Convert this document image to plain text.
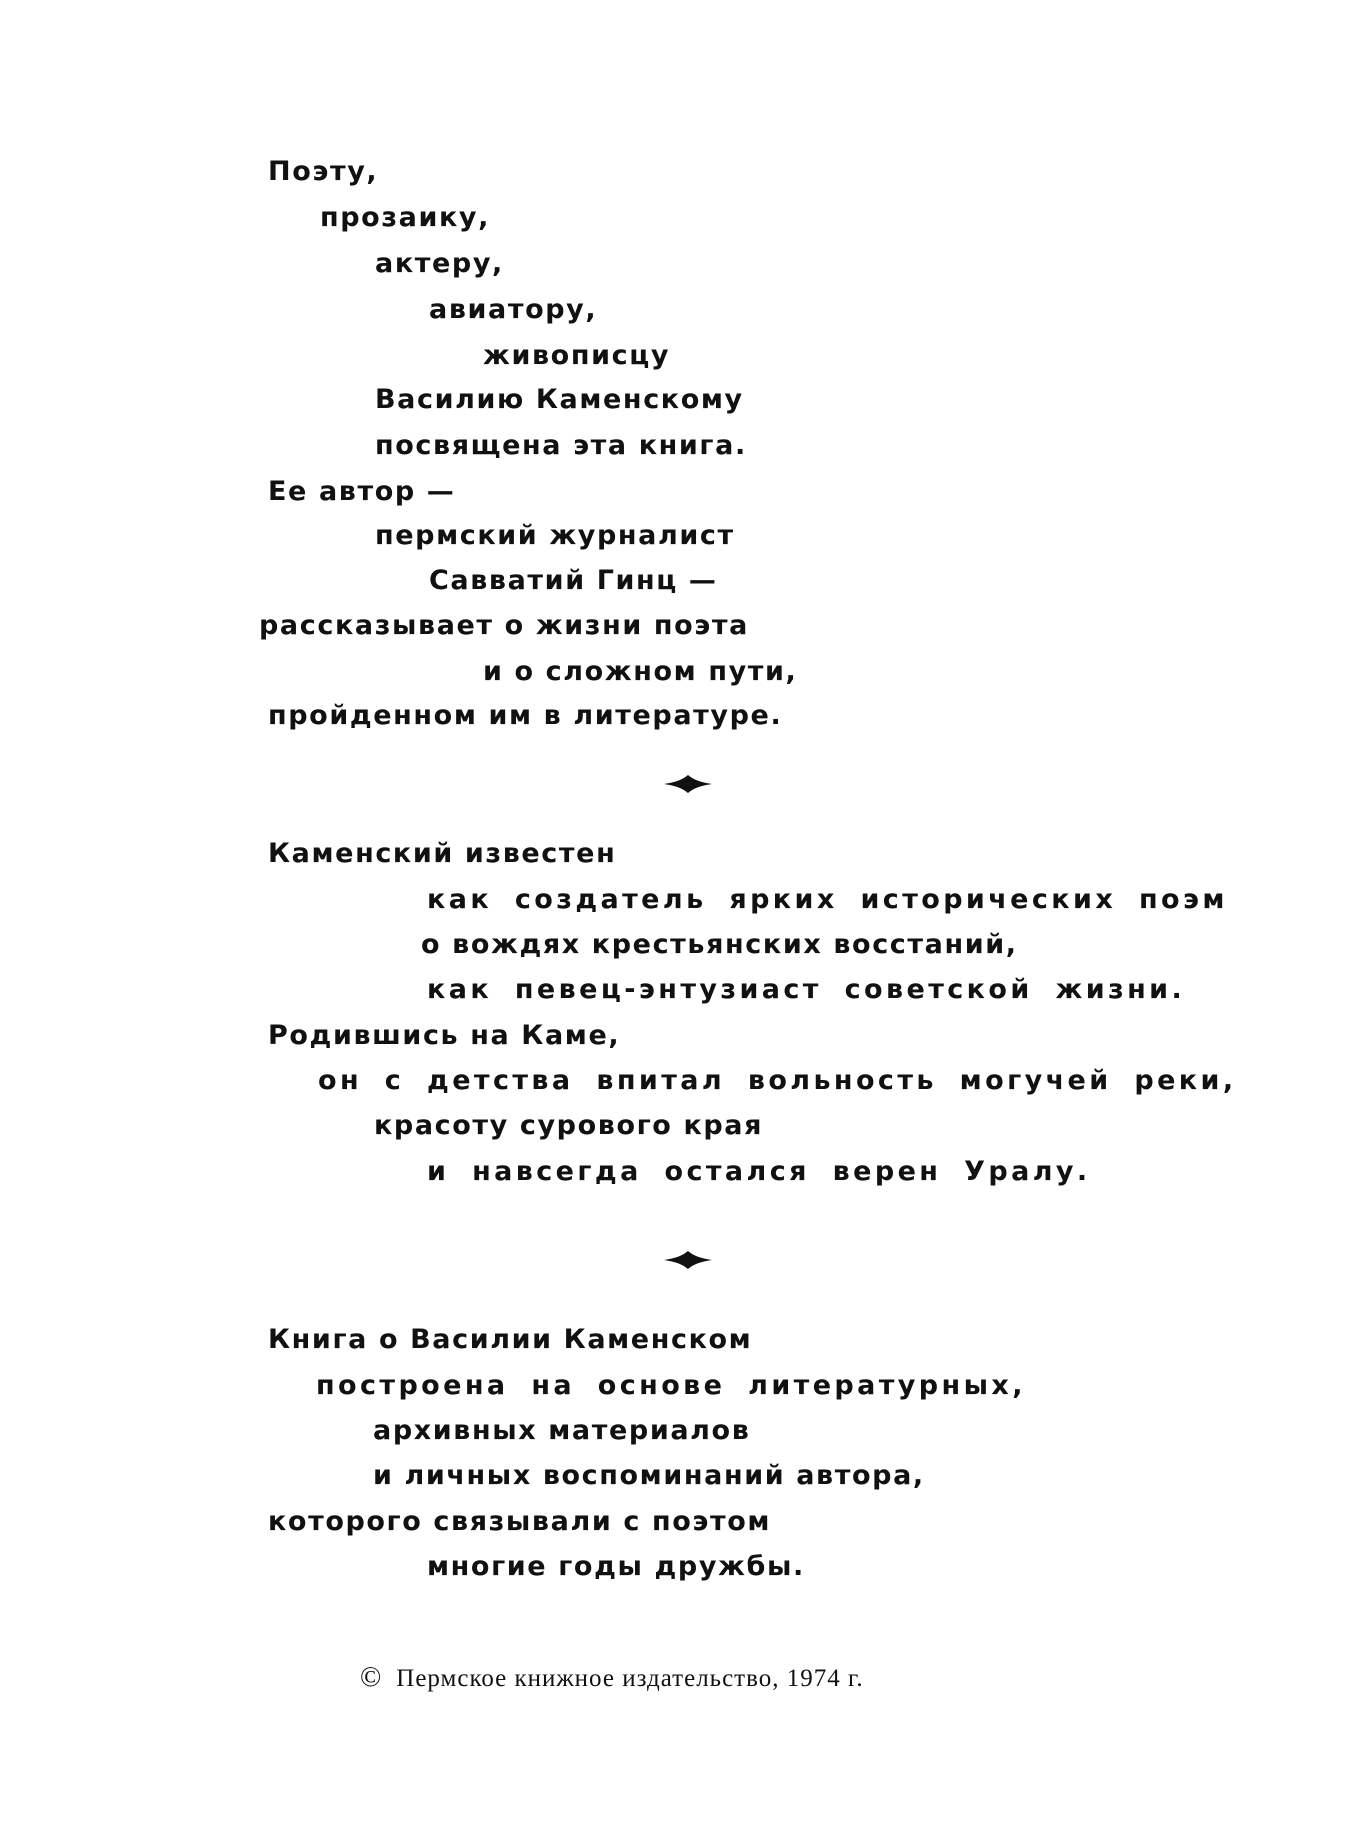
Поэту,
прозаику,
актеру,
авиатору,
живописцу
Василию Каменскому
посвящена эта книга.
Ее автор —
пермский журналист
Савватий Гинц —
рассказывает о жизни поэта
и о сложном пути,
пройденном им в литературе.
Каменский известен
как создатель ярких исторических поэм
о вождях крестьянских восстаний,
как певец-энтузиаст советской жизни.
Родившись на Каме,
он с детства впитал вольность могучей реки,
красоту сурового края
и навсегда остался верен Уралу.
Книга о Василии Каменском
построена на основе литературных,
архивных материалов
и личных воспоминаний автора,
которого связывали с поэтом
многие годы дружбы.
© Пермское книжное издательство, 1974 г.
